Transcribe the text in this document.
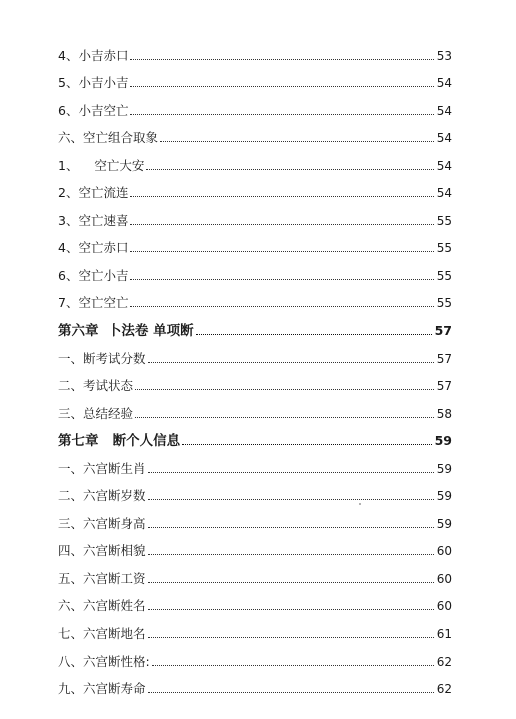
4、小吉赤口	53
5、小吉小吉	54
6、小吉空亡	54
六、空亡组合取象	54
1、    空亡大安	54
2、空亡流连	54
3、空亡速喜	55
4、空亡赤口	55
6、空亡小吉	55
7、空亡空亡	55
第六章  卜法卷 单项断	57
一、断考试分数	57
二、考试状态	57
三、总结经验	58
第七章   断个人信息	59
一、六宫断生肖	59
二、六宫断岁数	59
三、六宫断身高	59
四、六宫断相貌	60
五、六宫断工资	60
六、六宫断姓名	60
七、六宫断地名	61
八、六宫断性格:	62
九、六宫断寿命	62
